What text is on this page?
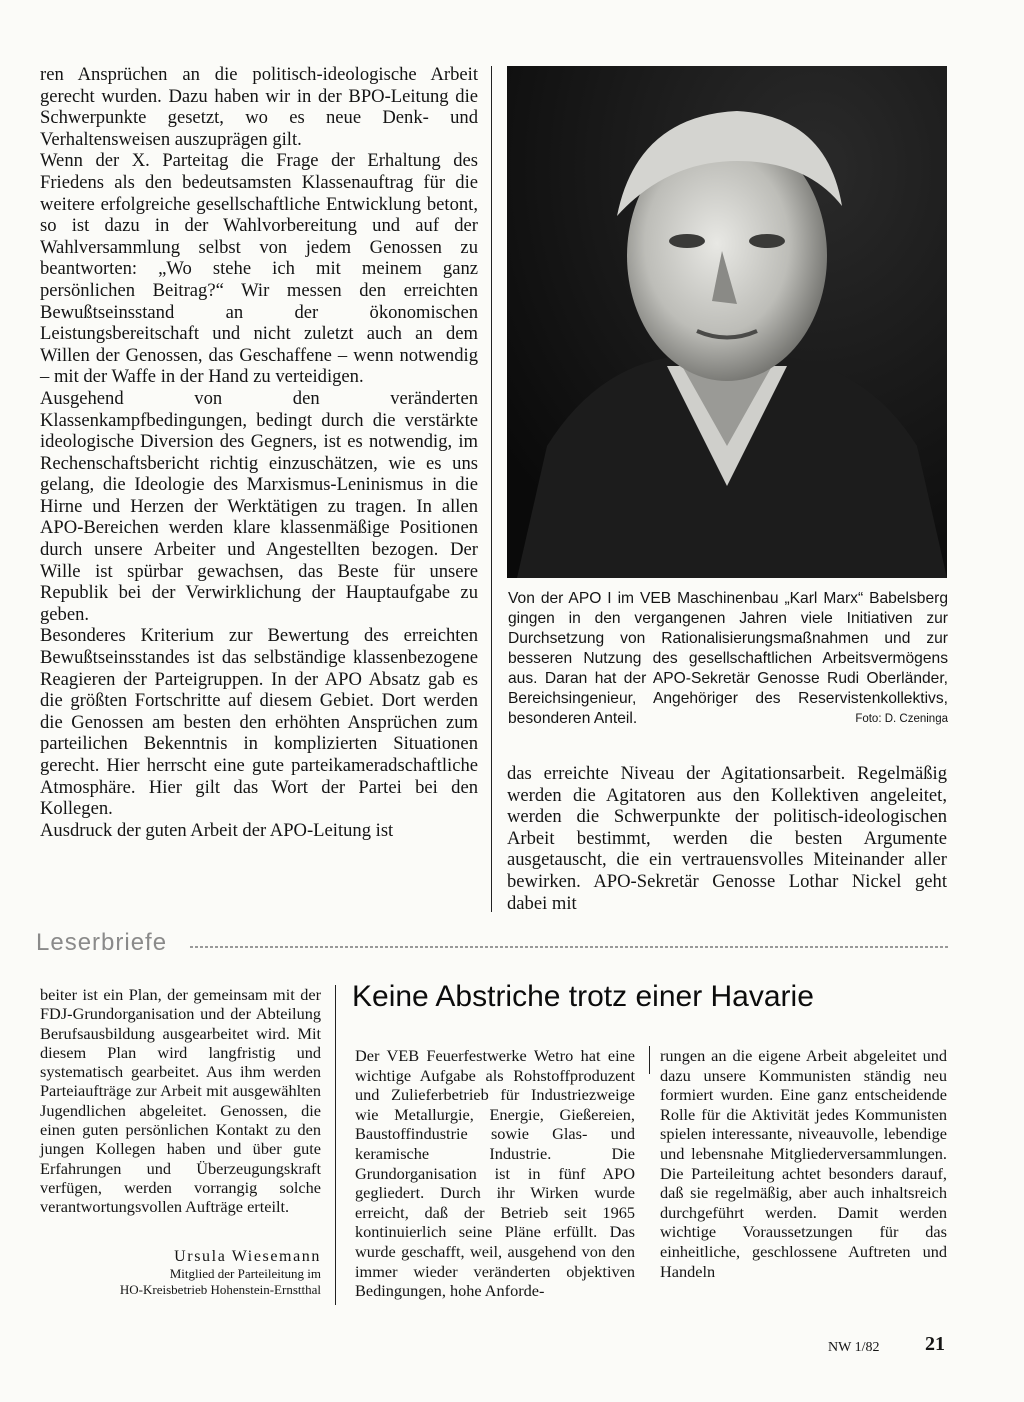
ren Ansprüchen an die politisch-ideologische Arbeit gerecht wurden. Dazu haben wir in der BPO-Leitung die Schwerpunkte gesetzt, wo es neue Denk- und Verhaltensweisen auszuprägen gilt.

Wenn der X. Parteitag die Frage der Erhaltung des Friedens als den bedeutsamsten Klassenauftrag für die weitere erfolgreiche gesellschaftliche Entwicklung betont, so ist dazu in der Wahlvorbereitung und auf der Wahlversammlung selbst von jedem Genossen zu beantworten: „Wo stehe ich mit meinem ganz persönlichen Beitrag?“ Wir messen den erreichten Bewußtseinsstand an der ökonomischen Leistungsbereitschaft und nicht zuletzt auch an dem Willen der Genossen, das Geschaffene – wenn notwendig – mit der Waffe in der Hand zu verteidigen.

Ausgehend von den veränderten Klassenkampfbedingungen, bedingt durch die verstärkte ideologische Diversion des Gegners, ist es notwendig, im Rechenschaftsbericht richtig einzuschätzen, wie es uns gelang, die Ideologie des Marxismus-Leninismus in die Hirne und Herzen der Werktätigen zu tragen. In allen APO-Bereichen werden klare klassenmäßige Positionen durch unsere Arbeiter und Angestellten bezogen. Der Wille ist spürbar gewachsen, das Beste für unsere Republik bei der Verwirklichung der Hauptaufgabe zu geben.

Besonderes Kriterium zur Bewertung des erreichten Bewußtseinsstandes ist das selbständige klassenbezogene Reagieren der Parteigruppen. In der APO Absatz gab es die größten Fortschritte auf diesem Gebiet. Dort werden die Genossen am besten den erhöhten Ansprüchen zum parteilichen Bekenntnis in komplizierten Situationen gerecht. Hier herrscht eine gute parteikameradschaftliche Atmosphäre. Hier gilt das Wort der Partei bei den Kollegen.

Ausdruck der guten Arbeit der APO-Leitung ist

Von der APO I im VEB Maschinenbau „Karl Marx“ Babelsberg gingen in den vergangenen Jahren viele Initiativen zur Durchsetzung von Rationalisierungsmaßnahmen und zur besseren Nutzung des gesellschaftlichen Arbeitsvermögens aus. Daran hat der APO-Sekretär Genosse Rudi Oberländer, Bereichsingenieur, Angehöriger des Reservistenkollektivs, besonderen Anteil.	Foto: D. Czeninga

das erreichte Niveau der Agitationsarbeit. Regelmäßig werden die Agitatoren aus den Kollektiven angeleitet, werden die Schwerpunkte der politisch-ideologischen Arbeit bestimmt, werden die besten Argumente ausgetauscht, die ein vertrauensvolles Miteinander aller bewirken. APO-Sekretär Genosse Lothar Nickel geht dabei mit

Leserbriefe

beiter ist ein Plan, der gemeinsam mit der FDJ-Grundorganisation und der Abteilung Berufsausbildung ausgearbeitet wird. Mit diesem Plan wird langfristig und systematisch gearbeitet. Aus ihm werden Parteiaufträge zur Arbeit mit ausgewählten Jugendlichen abgeleitet. Genossen, die einen guten persönlichen Kontakt zu den jungen Kollegen haben und über gute Erfahrungen und Überzeugungskraft verfügen, werden vorrangig solche verantwortungsvollen Aufträge erteilt.

Ursula Wiesemann
Mitglied der Parteileitung im
HO-Kreisbetrieb Hohenstein-Ernstthal
Keine Abstriche trotz einer Havarie

Der VEB Feuerfestwerke Wetro hat eine wichtige Aufgabe als Rohstoffproduzent und Zulieferbetrieb für Industriezweige wie Metallurgie, Energie, Gießereien, Baustoffindustrie sowie Glas- und keramische Industrie. Die Grundorganisation ist in fünf APO gegliedert. Durch ihr Wirken wurde erreicht, daß der Betrieb seit 1965 kontinuierlich seine Pläne erfüllt. Das wurde geschafft, weil, ausgehend von den immer wieder veränderten objektiven Bedingungen, hohe Anforde-

rungen an die eigene Arbeit abgeleitet und dazu unsere Kommunisten ständig neu formiert wurden. Eine ganz entscheidende Rolle für die Aktivität jedes Kommunisten spielen interessante, niveauvolle, lebendige und lebensnahe Mitgliederversammlungen. Die Parteileitung achtet besonders darauf, daß sie regelmäßig, aber auch inhaltsreich durchgeführt werden. Damit werden wichtige Voraussetzungen für das einheitliche, geschlossene Auftreten und Handeln

NW 1/82 21
